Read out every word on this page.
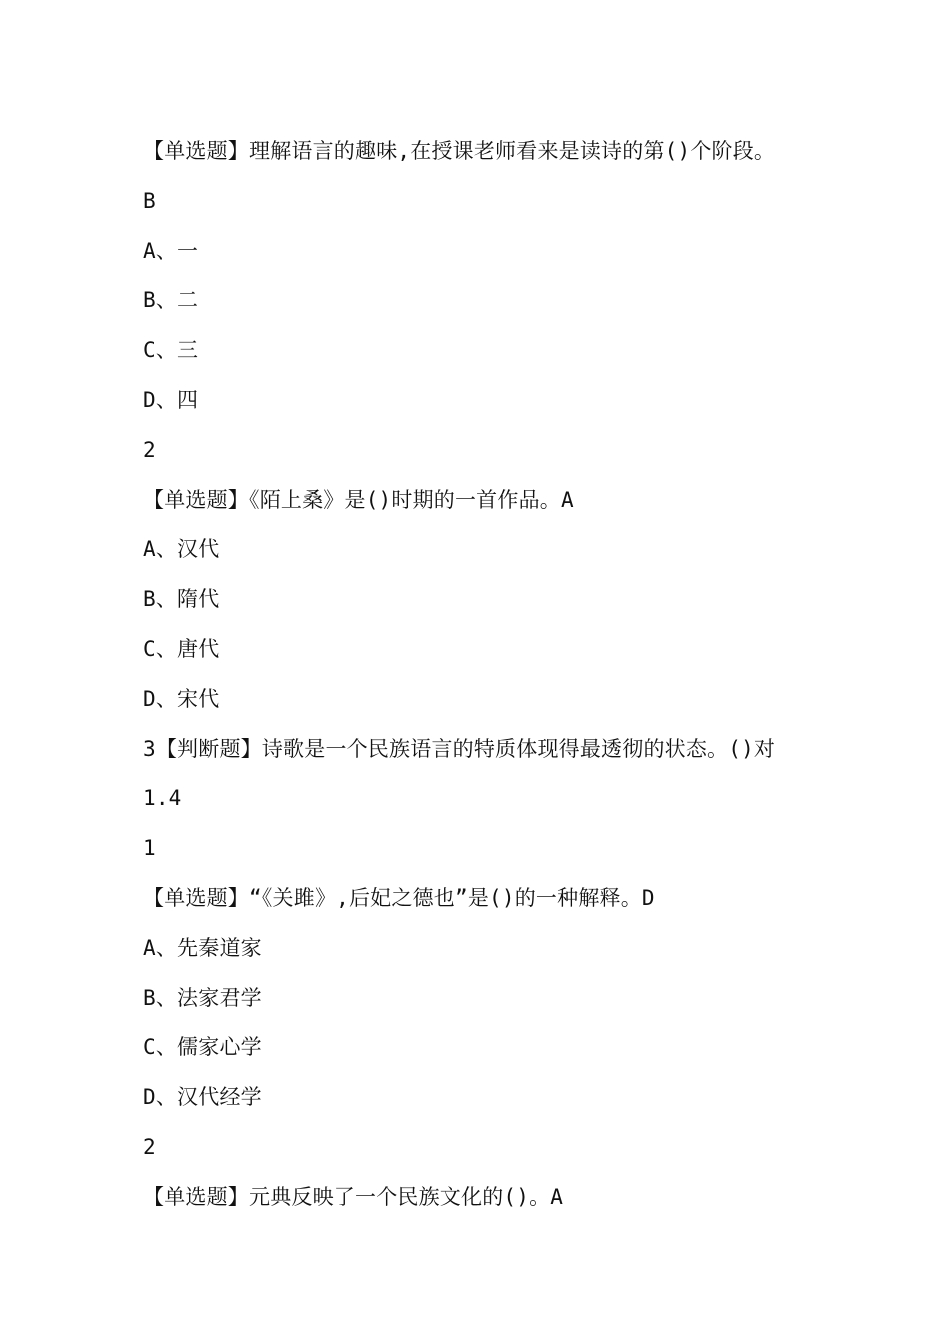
【单选题】理解语言的趣味,在授课老师看来是读诗的第()个阶段。
B
A、一
B、二
C、三
D、四
2
【单选题】《陌上桑》是()时期的一首作品。A
A、汉代
B、隋代
C、唐代
D、宋代
3【判断题】诗歌是一个民族语言的特质体现得最透彻的状态。()对
1.4
1
【单选题】“《关雎》,后妃之德也”是()的一种解释。D
A、先秦道家
B、法家君学
C、儒家心学
D、汉代经学
2
【单选题】元典反映了一个民族文化的()。A
